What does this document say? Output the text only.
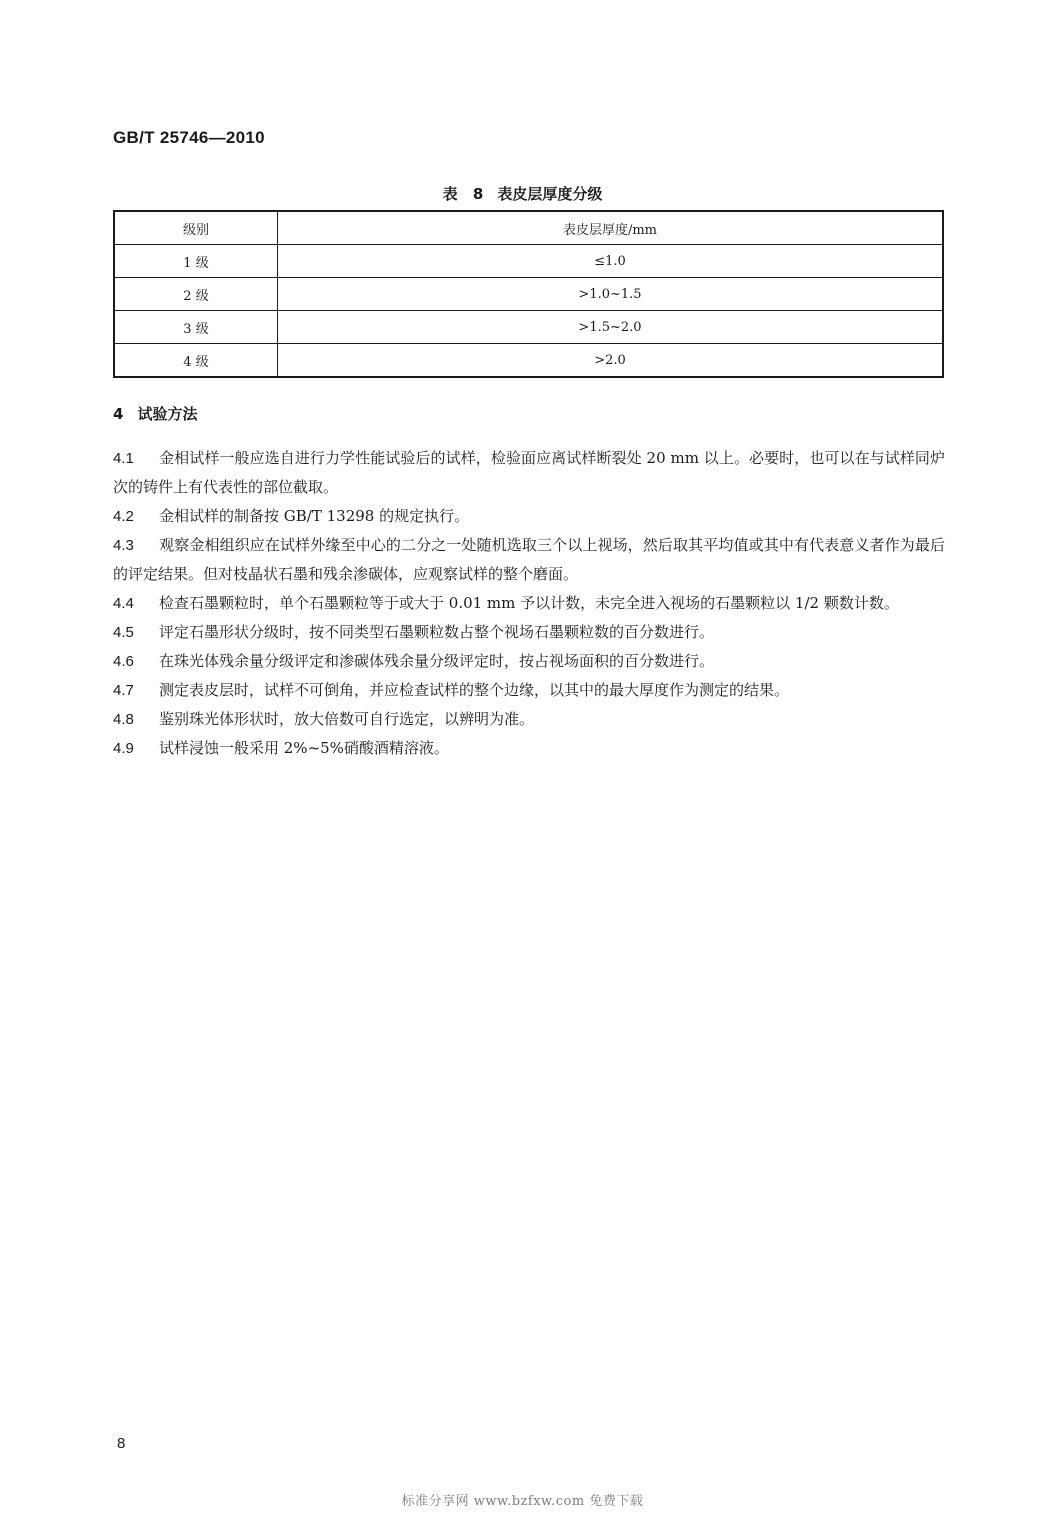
GB/T 25746—2010
表 8 表皮层厚度分级
级别	表皮层厚度/mm
1 级	≤1.0
2 级	>1.0~1.5
3 级	>1.5~2.0
4 级	>2.0
4 试验方法

4.1 金相试样一般应选自进行力学性能试验后的试样，检验面应离试样断裂处 20 mm 以上。必要时，也可以在与试样同炉次的铸件上有代表性的部位截取。

4.2 金相试样的制备按 GB/T 13298 的规定执行。

4.3 观察金相组织应在试样外缘至中心的二分之一处随机选取三个以上视场，然后取其平均值或其中有代表意义者作为最后的评定结果。但对枝晶状石墨和残余渗碳体，应观察试样的整个磨面。

4.4 检查石墨颗粒时，单个石墨颗粒等于或大于 0.01 mm 予以计数，未完全进入视场的石墨颗粒以 1/2 颗数计数。

4.5 评定石墨形状分级时，按不同类型石墨颗粒数占整个视场石墨颗粒数的百分数进行。

4.6 在珠光体残余量分级评定和渗碳体残余量分级评定时，按占视场面积的百分数进行。

4.7 测定表皮层时，试样不可倒角，并应检查试样的整个边缘，以其中的最大厚度作为测定的结果。

4.8 鉴别珠光体形状时，放大倍数可自行选定，以辨明为准。

4.9 试样浸蚀一般采用 2%~5%硝酸酒精溶液。

8
标准分享网 www.bzfxw.com 免费下载
